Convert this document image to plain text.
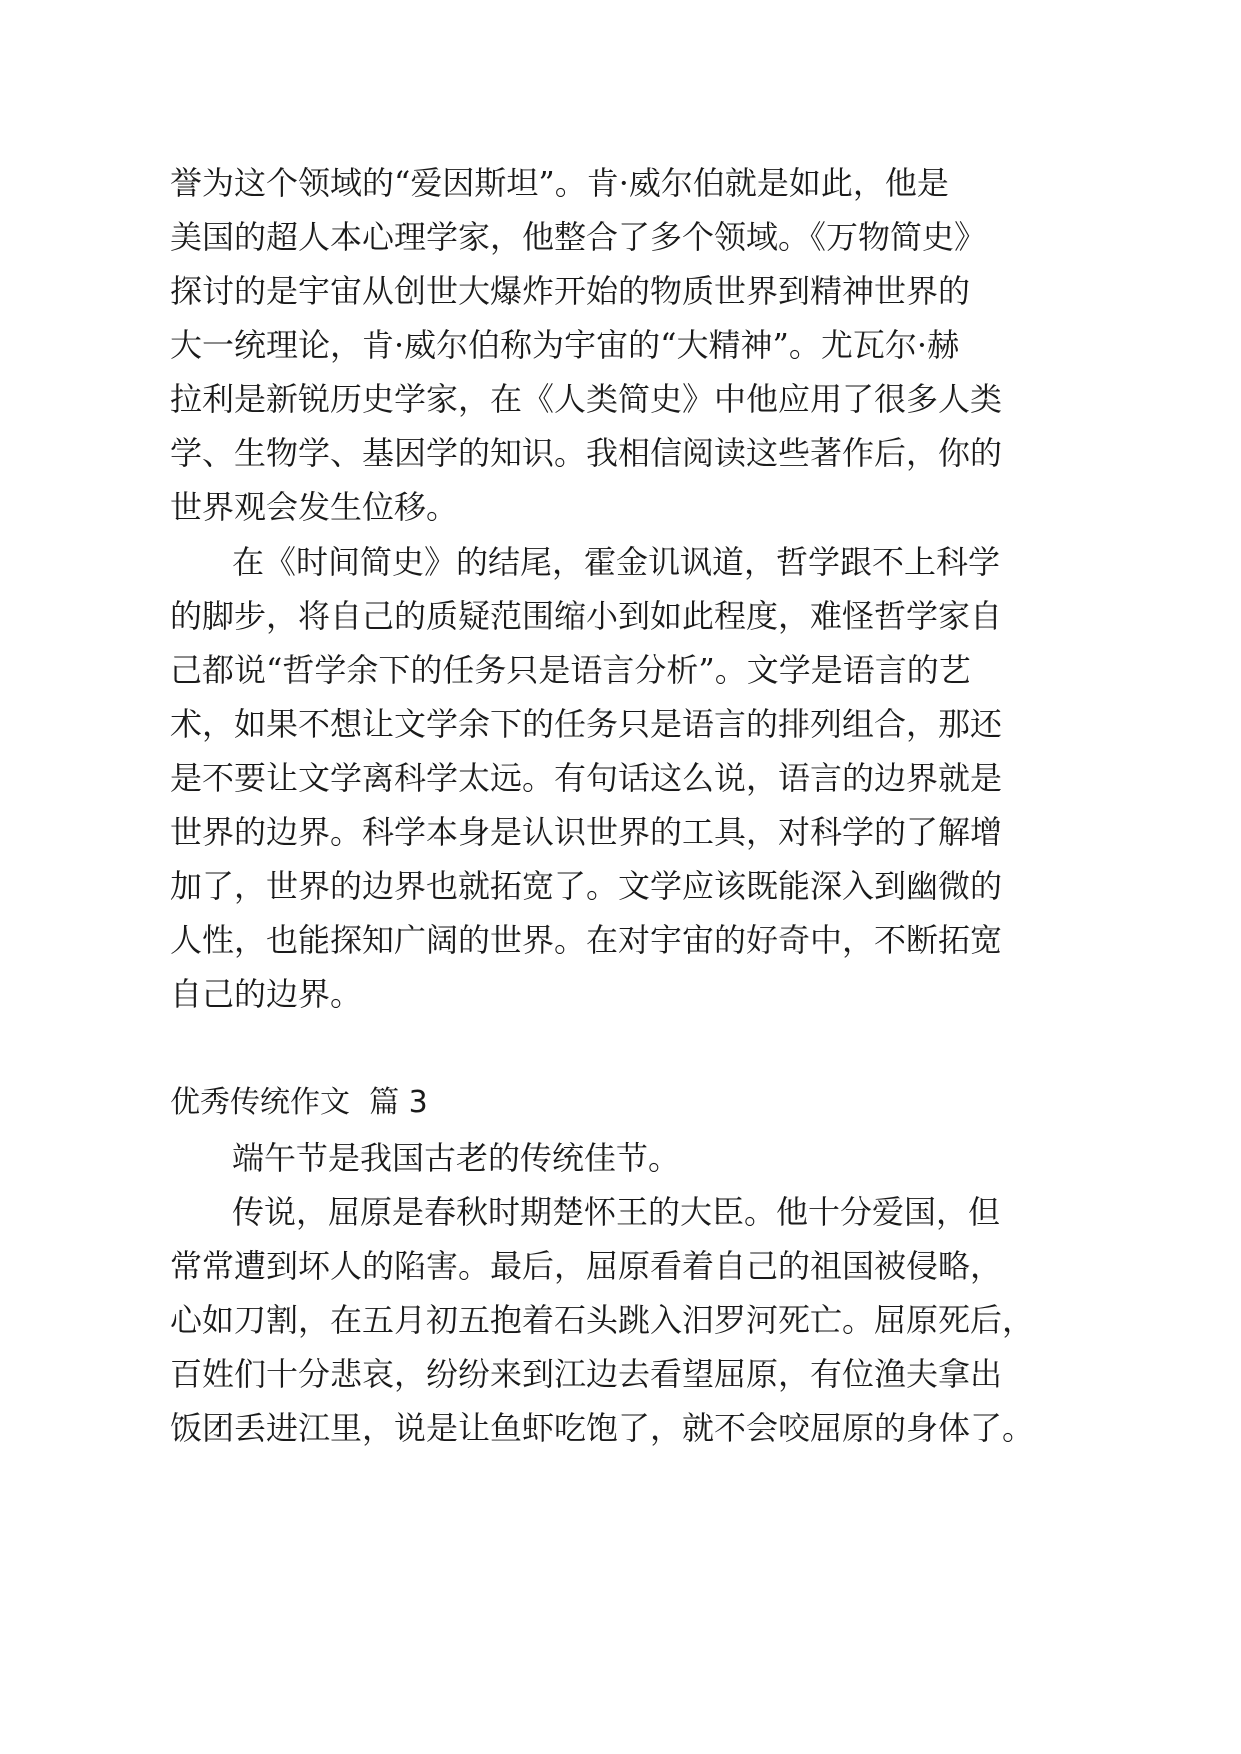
誉为这个领域的“爱因斯坦”。肯·威尔伯就是如此，他是
美国的超人本心理学家，他整合了多个领域。《万物简史》
探讨的是宇宙从创世大爆炸开始的物质世界到精神世界的
大一统理论，肯·威尔伯称为宇宙的“大精神”。尤瓦尔·赫
拉利是新锐历史学家，在《人类简史》中他应用了很多人类
学、生物学、基因学的知识。我相信阅读这些著作后，你的
世界观会发生位移。
在《时间简史》的结尾，霍金讥讽道，哲学跟不上科学
的脚步，将自己的质疑范围缩小到如此程度，难怪哲学家自
己都说“哲学余下的任务只是语言分析”。文学是语言的艺
术，如果不想让文学余下的任务只是语言的排列组合，那还
是不要让文学离科学太远。有句话这么说，语言的边界就是
世界的边界。科学本身是认识世界的工具，对科学的了解增
加了，世界的边界也就拓宽了。文学应该既能深入到幽微的
人性，也能探知广阔的世界。在对宇宙的好奇中，不断拓宽
自己的边界。
优秀传统作文  篇 3
端午节是我国古老的传统佳节。
传说，屈原是春秋时期楚怀王的大臣。他十分爱国，但
常常遭到坏人的陷害。最后，屈原看着自己的祖国被侵略，
心如刀割，在五月初五抱着石头跳入汨罗河死亡。屈原死后，
百姓们十分悲哀，纷纷来到江边去看望屈原，有位渔夫拿出
饭团丢进江里，说是让鱼虾吃饱了，就不会咬屈原的身体了。
